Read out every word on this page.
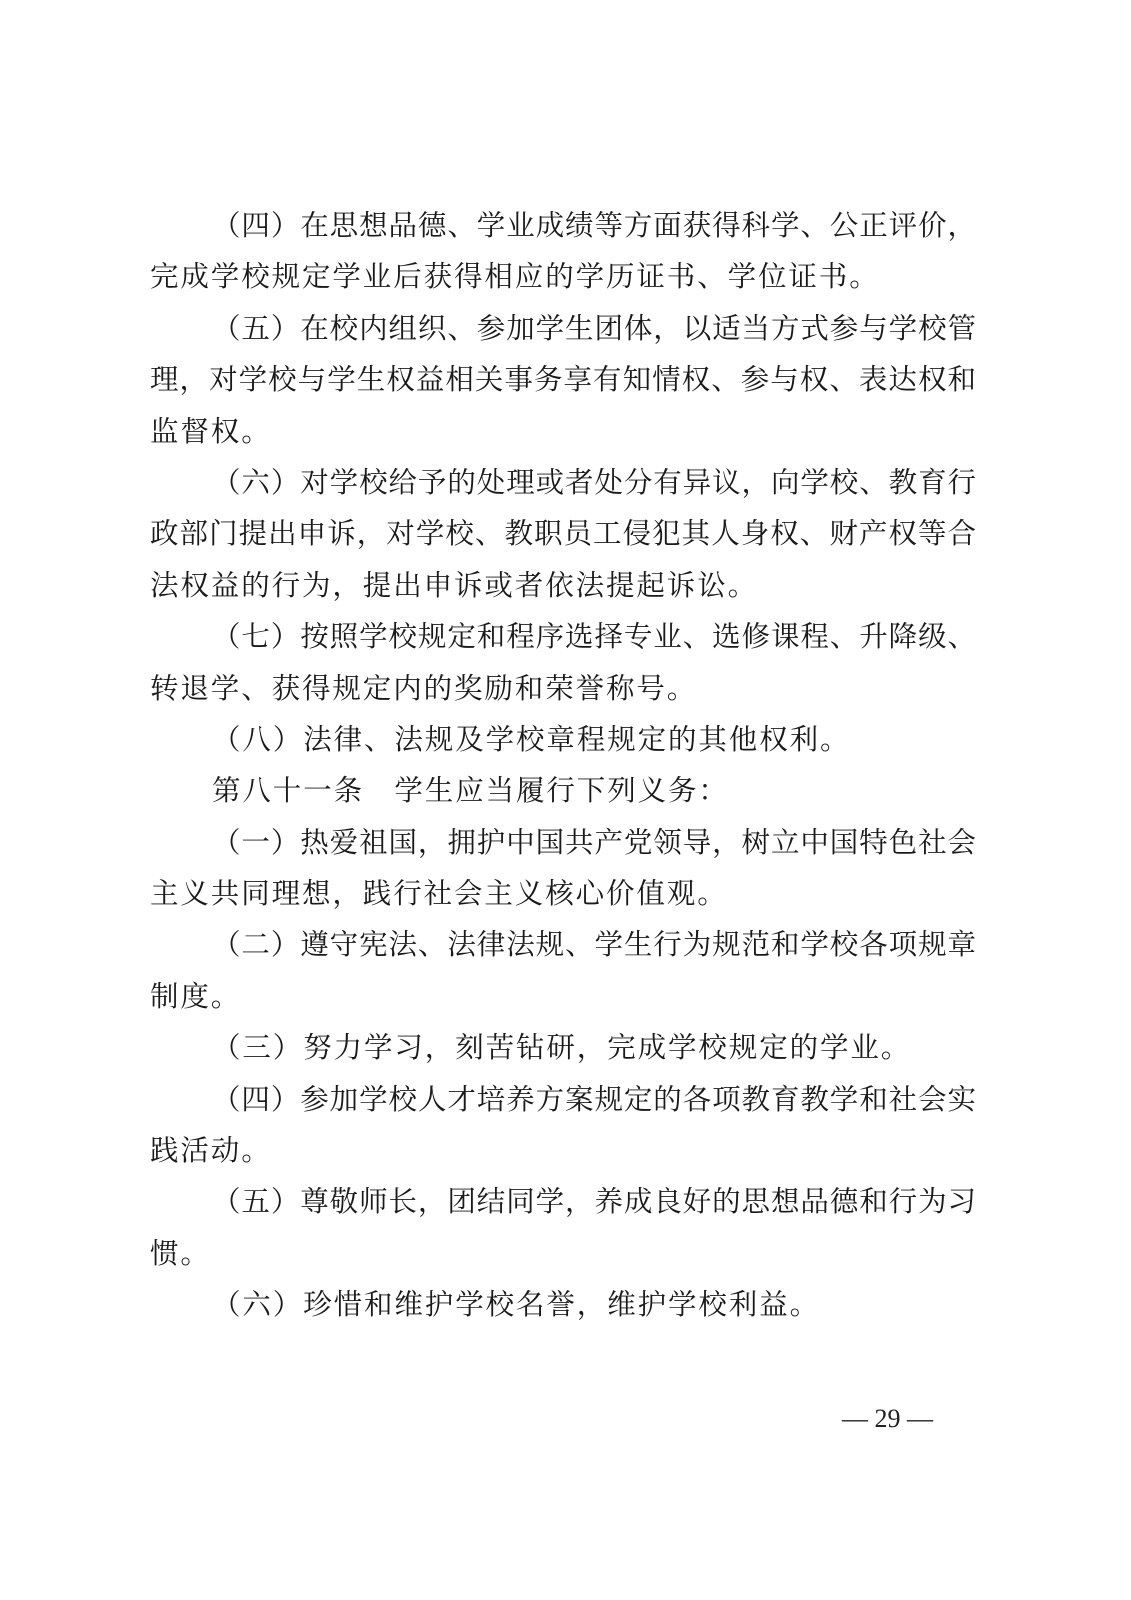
（四）在思想品德、学业成绩等方面获得科学、公正评价，
完成学校规定学业后获得相应的学历证书、学位证书。
（五）在校内组织、参加学生团体，以适当方式参与学校管
理，对学校与学生权益相关事务享有知情权、参与权、表达权和
监督权。
（六）对学校给予的处理或者处分有异议，向学校、教育行
政部门提出申诉，对学校、教职员工侵犯其人身权、财产权等合
法权益的行为，提出申诉或者依法提起诉讼。
（七）按照学校规定和程序选择专业、选修课程、升降级、
转退学、获得规定内的奖励和荣誉称号。
（八）法律、法规及学校章程规定的其他权利。
第八十一条　学生应当履行下列义务：
（一）热爱祖国，拥护中国共产党领导，树立中国特色社会
主义共同理想，践行社会主义核心价值观。
（二）遵守宪法、法律法规、学生行为规范和学校各项规章
制度。
（三）努力学习，刻苦钻研，完成学校规定的学业。
（四）参加学校人才培养方案规定的各项教育教学和社会实
践活动。
（五）尊敬师长，团结同学，养成良好的思想品德和行为习
惯。
（六）珍惜和维护学校名誉，维护学校利益。
— 29 —
